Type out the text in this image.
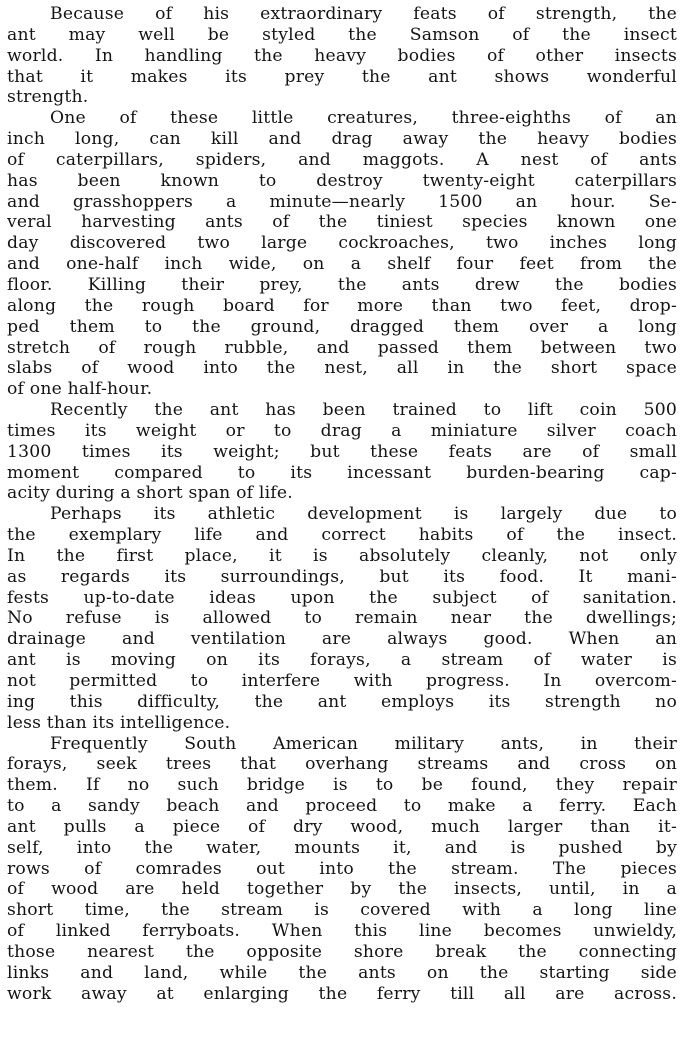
Because of his extraordinary feats of strength, the
ant may well be styled the Samson of the insect
world. In handling the heavy bodies of other insects
that it makes its prey the ant shows wonderful
strength.
One of these little creatures, three-eighths of an
inch long, can kill and drag away the heavy bodies
of caterpillars, spiders, and maggots. A nest of ants
has been known to destroy twenty-eight caterpillars
and grasshoppers a minute—nearly 1500 an hour. Se-
veral harvesting ants of the tiniest species known one
day discovered two large cockroaches, two inches long
and one-half inch wide, on a shelf four feet from the
floor. Killing their prey, the ants drew the bodies
along the rough board for more than two feet, drop-
ped them to the ground, dragged them over a long
stretch of rough rubble, and passed them between two
slabs of wood into the nest, all in the short space
of one half-hour.
Recently the ant has been trained to lift coin 500
times its weight or to drag a miniature silver coach
1300 times its weight; but these feats are of small
moment compared to its incessant burden-bearing cap-
acity during a short span of life.
Perhaps its athletic development is largely due to
the exemplary life and correct habits of the insect.
In the first place, it is absolutely cleanly, not only
as regards its surroundings, but its food. It mani-
fests up-to-date ideas upon the subject of sanitation.
No refuse is allowed to remain near the dwellings;
drainage and ventilation are always good. When an
ant is moving on its forays, a stream of water is
not permitted to interfere with progress. In overcom-
ing this difficulty, the ant employs its strength no
less than its intelligence.
Frequently South American military ants, in their
forays, seek trees that overhang streams and cross on
them. If no such bridge is to be found, they repair
to a sandy beach and proceed to make a ferry. Each
ant pulls a piece of dry wood, much larger than it-
self, into the water, mounts it, and is pushed by
rows of comrades out into the stream. The pieces
of wood are held together by the insects, until, in a
short time, the stream is covered with a long line
of linked ferryboats. When this line becomes unwieldy,
those nearest the opposite shore break the connecting
links and land, while the ants on the starting side
work away at enlarging the ferry till all are across.
